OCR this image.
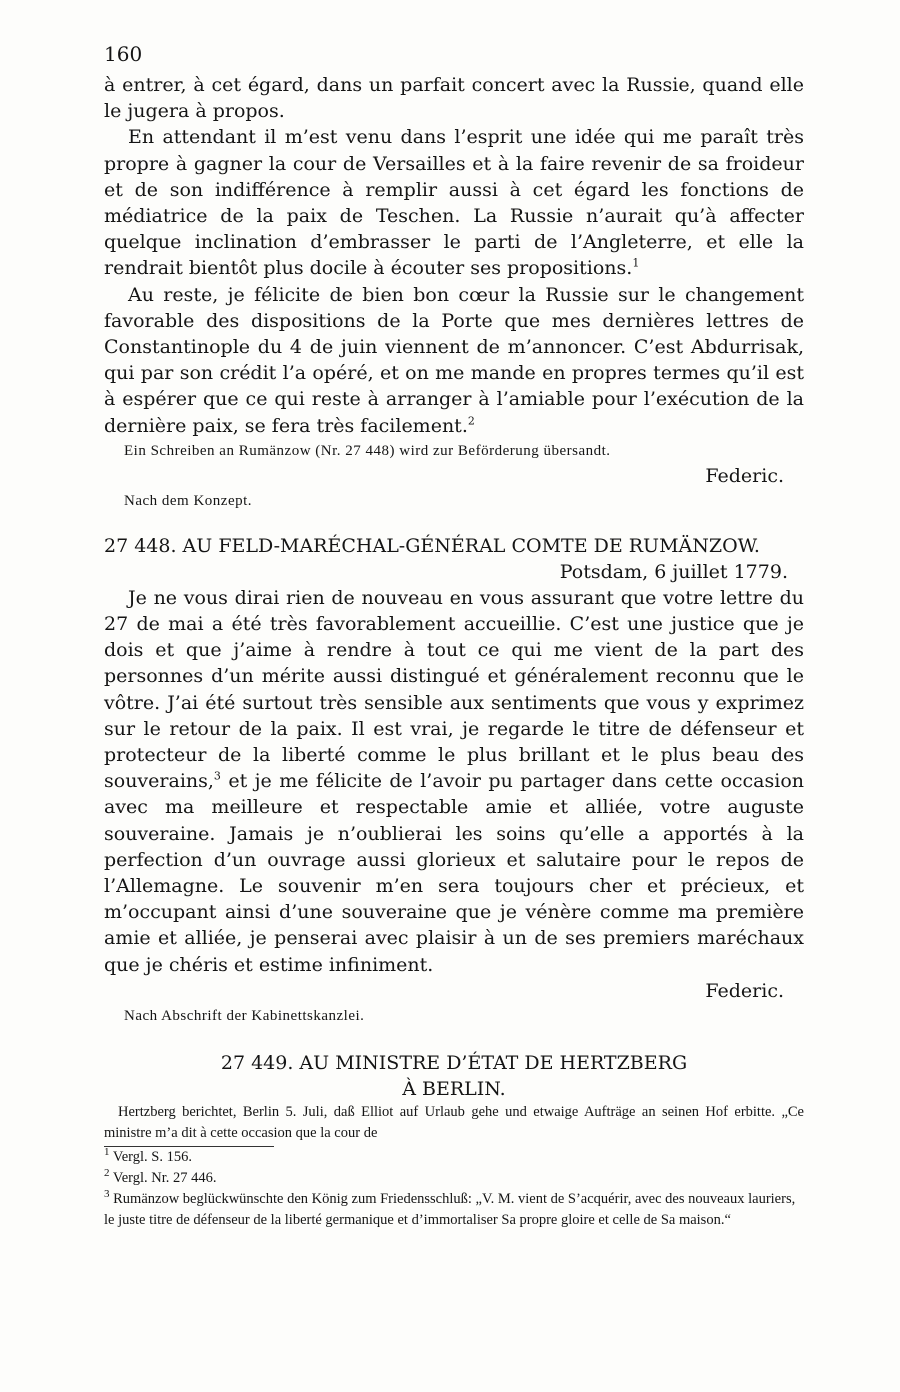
160

à entrer, à cet égard, dans un parfait concert avec la Russie, quand elle le jugera à propos.

En attendant il m’est venu dans l’esprit une idée qui me paraît très propre à gagner la cour de Versailles et à la faire revenir de sa froideur et de son indifférence à remplir aussi à cet égard les fonctions de médiatrice de la paix de Teschen. La Russie n’aurait qu’à affecter quelque inclination d’embrasser le parti de l’Angleterre, et elle la rendrait bientôt plus docile à écouter ses propositions.$^1$

Au reste, je félicite de bien bon cœur la Russie sur le changement favorable des dispositions de la Porte que mes dernières lettres de Constantinople du 4 de juin viennent de m’annoncer. C’est Abdurrisak, qui par son crédit l’a opéré, et on me mande en propres termes qu’il est à espérer que ce qui reste à arranger à l’amiable pour l’exécution de la dernière paix, se fera très facilement.$^2$

Ein Schreiben an Rumänzow (Nr. 27 448) wird zur Beförderung übersandt.
Federic.
Nach dem Konzept.
27 448. AU FELD-MARÉCHAL-GÉNÉRAL COMTE DE RUMÄNZOW.
Potsdam, 6 juillet 1779.

Je ne vous dirai rien de nouveau en vous assurant que votre lettre du 27 de mai a été très favorablement accueillie. C’est une justice que je dois et que j’aime à rendre à tout ce qui me vient de la part des personnes d’un mérite aussi distingué et généralement reconnu que le vôtre. J’ai été surtout très sensible aux sentiments que vous y exprimez sur le retour de la paix. Il est vrai, je regarde le titre de défenseur et protecteur de la liberté comme le plus brillant et le plus beau des souverains,$^3$ et je me félicite de l’avoir pu partager dans cette occasion avec ma meilleure et respectable amie et alliée, votre auguste souveraine. Jamais je n’oublierai les soins qu’elle a apportés à la perfection d’un ouvrage aussi glorieux et salutaire pour le repos de l’Allemagne. Le souvenir m’en sera toujours cher et précieux, et m’occupant ainsi d’une souveraine que je vénère comme ma première amie et alliée, je penserai avec plaisir à un de ses premiers maréchaux que je chéris et estime infiniment.

Federic.
Nach Abschrift der Kabinettskanzlei.
27 449. AU MINISTRE D’ÉTAT DE HERTZBERG
À BERLIN.

Hertzberg berichtet, Berlin 5. Juli, daß Elliot auf Urlaub gehe und etwaige Aufträge an seinen Hof erbitte. „Ce ministre m’a dit à cette occasion que la cour de

$^1$ Vergl. S. 156.

$^2$ Vergl. Nr. 27 446.

$^3$ Rumänzow beglückwünschte den König zum Friedensschluß: „V. M. vient de S’acquérir, avec des nouveaux lauriers, le juste titre de défenseur de la liberté germanique et d’immortaliser Sa propre gloire et celle de Sa maison.“
